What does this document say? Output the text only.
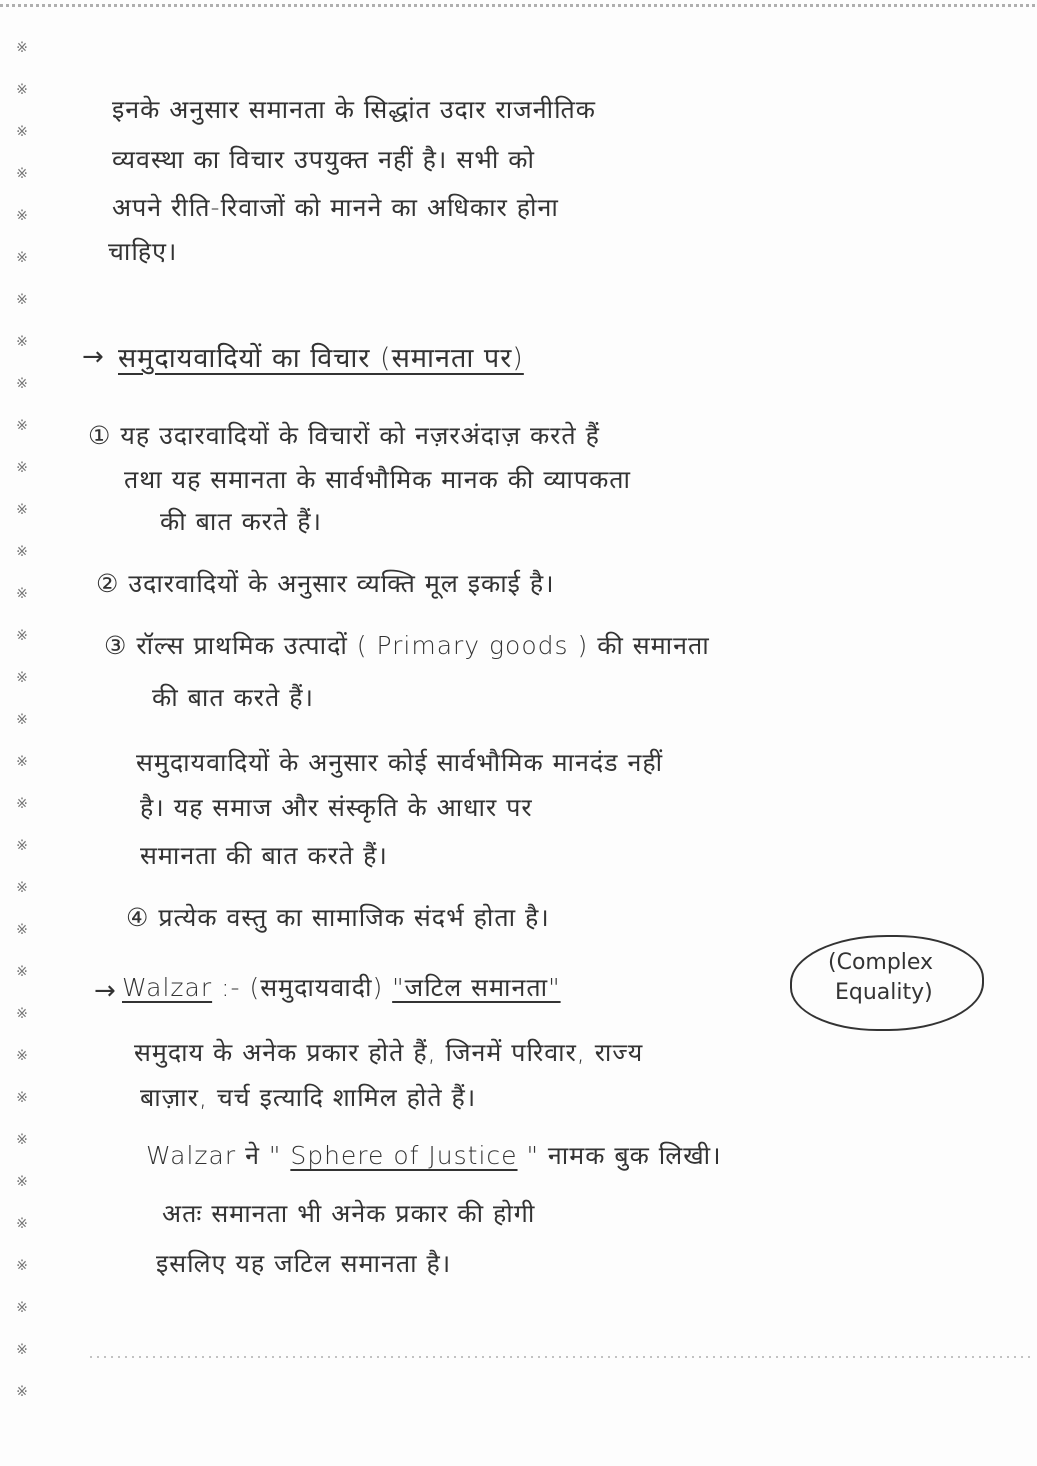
※
※
※
※
※
※
※
※
※
※
※
※
※
※
※
※
※
※
※
※
※
※
※
※
※
※
※
※
※
※
※
※
※
इनके अनुसार समानता के सिद्धांत उदार राजनीतिक
व्यवस्था का विचार उपयुक्त नहीं है। सभी को
अपने रीति-रिवाजों को मानने का अधिकार होना
चाहिए।
→ समुदायवादियों का विचार (समानता पर)
① यह उदारवादियों के विचारों को नज़रअंदाज़ करते हैं
तथा यह समानता के सार्वभौमिक मानक की व्यापकता
की बात करते हैं।
② उदारवादियों के अनुसार व्यक्ति मूल इकाई है।
③ रॉल्स प्राथमिक उत्पादों ( Primary goods ) की समानता
की बात करते हैं।
समुदायवादियों के अनुसार कोई सार्वभौमिक मानदंड नहीं
है। यह समाज और संस्कृति के आधार पर
समानता की बात करते हैं।
④ प्रत्येक वस्तु का सामाजिक संदर्भ होता है।
→ Walzar :- (समुदायवादी) "जटिल समानता"
(Complex
Equality)
समुदाय के अनेक प्रकार होते हैं, जिनमें परिवार, राज्य
बाज़ार, चर्च इत्यादि शामिल होते हैं।
Walzar ने " Sphere of Justice " नामक बुक लिखी।
अतः समानता भी अनेक प्रकार की होगी
इसलिए यह जटिल समानता है।
